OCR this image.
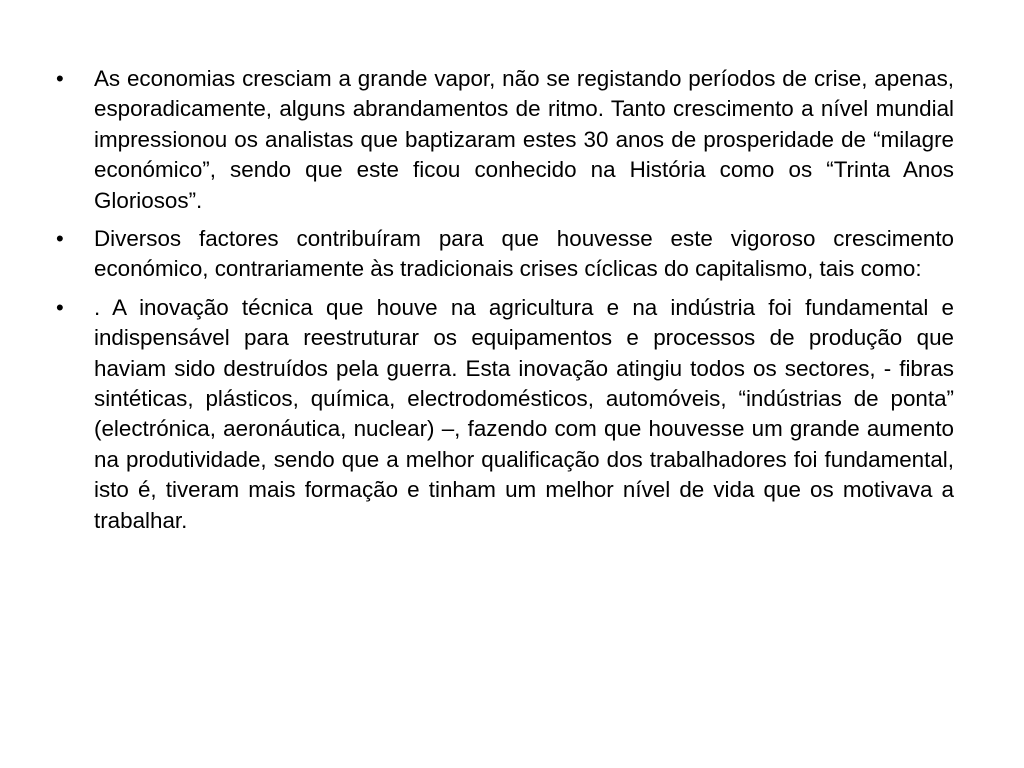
•	As economias cresciam a grande vapor, não se registando períodos de crise, apenas, esporadicamente, alguns abrandamentos de ritmo. Tanto crescimento a nível mundial impressionou os analistas que baptizaram estes 30 anos de prosperidade de “milagre económico”, sendo que este ficou conhecido na História como os “Trinta Anos Gloriosos”.
•	Diversos factores contribuíram para que houvesse este vigoroso crescimento económico, contrariamente às tradicionais crises cíclicas do capitalismo, tais como:
•	. A inovação técnica que houve na agricultura e na indústria foi fundamental e indispensável para reestruturar os equipamentos e processos de produção que haviam sido destruídos pela guerra. Esta inovação atingiu todos os sectores, - fibras sintéticas, plásticos, química, electrodomésticos, automóveis, “indústrias de ponta” (electrónica, aeronáutica, nuclear) –, fazendo com que houvesse um grande aumento na produtividade, sendo que a melhor qualificação dos trabalhadores foi fundamental, isto é, tiveram mais formação e tinham um melhor nível de vida que os motivava a trabalhar.
